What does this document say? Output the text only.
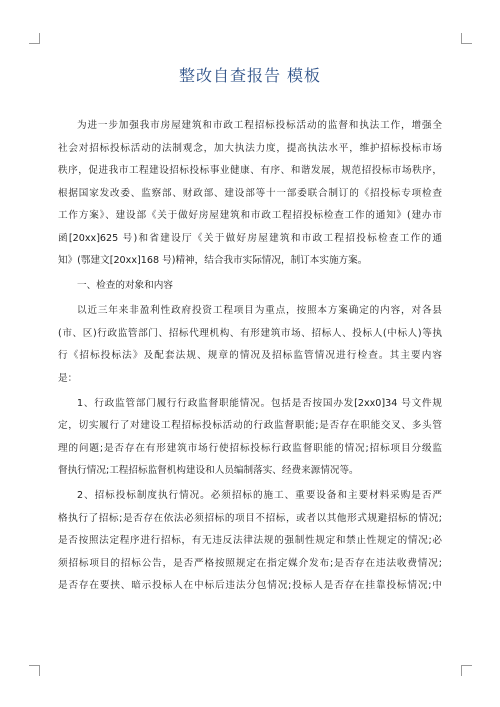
整改自查报告 模板
为进一步加强我市房屋建筑和市政工程招标投标活动的监督和执法工作，增强全
社会对招标投标活动的法制观念，加大执法力度，提高执法水平，维护招标投标市场
秩序，促进我市工程建设招标投标事业健康、有序、和谐发展，规范招投标市场秩序，
根据国家发改委、监察部、财政部、建设部等十一部委联合制订的《招投标专项检查
工作方案》、建设部《关于做好房屋建筑和市政工程招投标检查工作的通知》(建办市
函[20xx]625 号)和省建设厅《关于做好房屋建筑和市政工程招投标检查工作的通
知》(鄂建文[20xx]168 号)精神，结合我市实际情况，制订本实施方案。
一、检查的对象和内容
以近三年来非盈利性政府投资工程项目为重点，按照本方案确定的内容，对各县
(市、区)行政监管部门、招标代理机构、有形建筑市场、招标人、投标人(中标人)等执
行《招标投标法》及配套法规、规章的情况及招标监管情况进行检查。其主要内容
是：
1、行政监管部门履行行政监督职能情况。包括是否按国办发[2xx0]34 号文件规
定，切实履行了对建设工程招标投标活动的行政监督职能;是否存在职能交叉、多头管
理的问题;是否存在有形建筑市场行使招标投标行政监督职能的情况;招标项目分级监
督执行情况;工程招标监督机构建设和人员编制落实、经费来源情况等。
2、招标投标制度执行情况。必须招标的施工、重要设备和主要材料采购是否严
格执行了招标;是否存在依法必须招标的项目不招标，或者以其他形式规避招标的情况;
是否按照法定程序进行招标，有无违反法律法规的强制性规定和禁止性规定的情况;必
须招标项目的招标公告，是否严格按照规定在指定媒介发布;是否存在违法收费情况;
是否存在要挟、暗示投标人在中标后违法分包情况;投标人是否存在挂靠投标情况;中
